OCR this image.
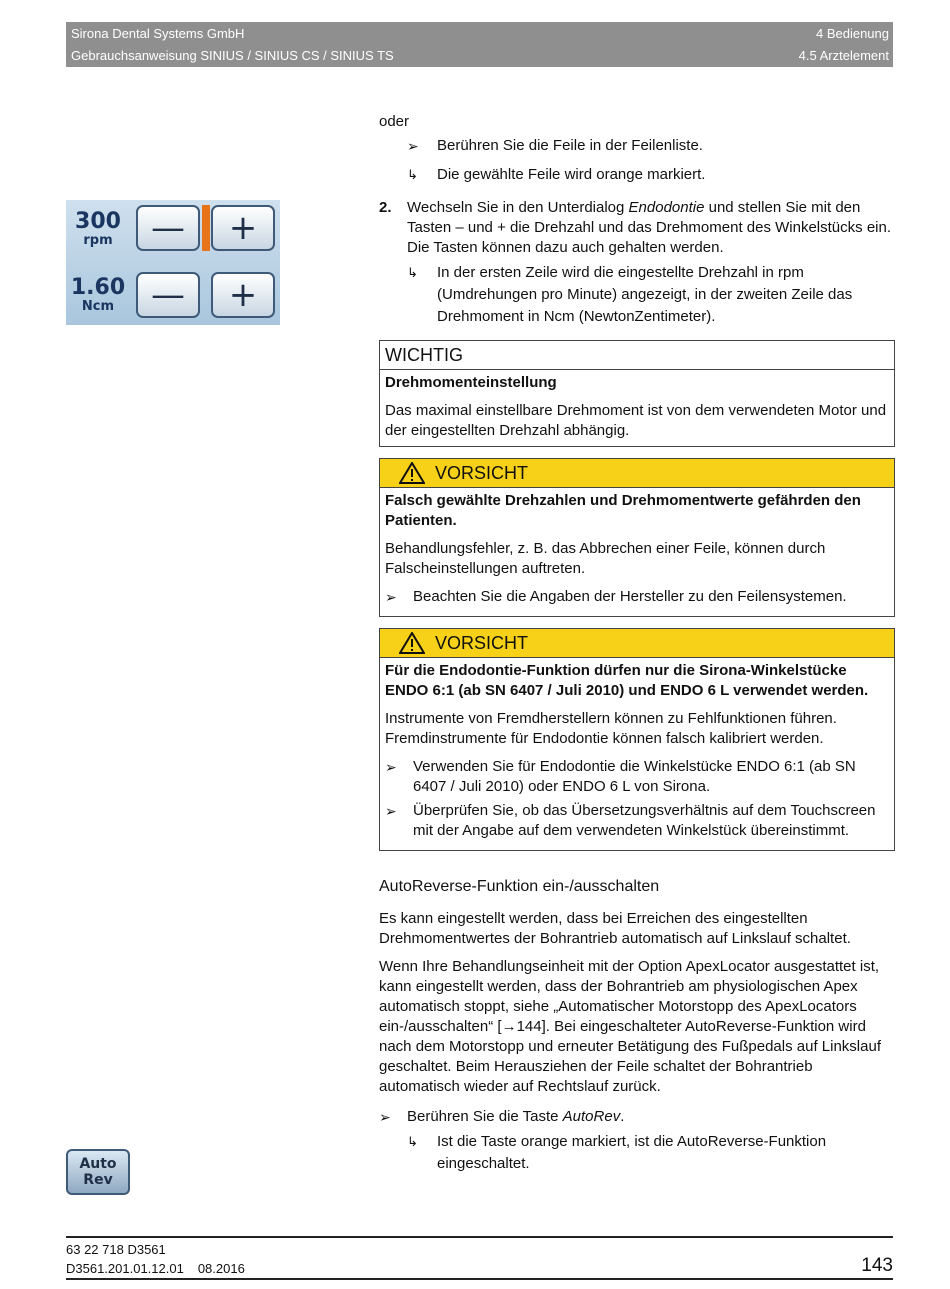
Sirona Dental Systems GmbH
Gebrauchsanweisung SINIUS / SINIUS CS / SINIUS TS
4 Bedienung
4.5 Arztelement
300
rpm	—	+
1.60
Ncm	—	+
Auto
Rev

oder

➢ Berühren Sie die Feile in der Feilenliste.
↳ Die gewählte Feile wird orange markiert.
2. Wechseln Sie in den Unterdialog Endodontie und stellen Sie mit den Tasten – und + die Drehzahl und das Drehmoment des Winkelstücks ein. Die Tasten können dazu auch gehalten werden.
↳ In der ersten Zeile wird die eingestellte Drehzahl in rpm (Umdrehungen pro Minute) angezeigt, in der zweiten Zeile das Drehmoment in Ncm (NewtonZentimeter).
WICHTIG
Drehmomenteinstellung
Das maximal einstellbare Drehmoment ist von dem verwendeten Motor und der eingestellten Drehzahl abhängig.
VORSICHT
Falsch gewählte Drehzahlen und Drehmomentwerte gefährden den Patienten.
Behandlungsfehler, z. B. das Abbrechen einer Feile, können durch Falscheinstellungen auftreten.
➢ Beachten Sie die Angaben der Hersteller zu den Feilensystemen.
VORSICHT
Für die Endodontie-Funktion dürfen nur die Sirona-Winkelstücke ENDO 6:1 (ab SN 6407 / Juli 2010) und ENDO 6 L verwendet werden.
Instrumente von Fremdherstellern können zu Fehlfunktionen führen. Fremdinstrumente für Endodontie können falsch kalibriert werden.
➢ Verwenden Sie für Endodontie die Winkelstücke ENDO 6:1 (ab SN 6407 / Juli 2010) oder ENDO 6 L von Sirona.
➢ Überprüfen Sie, ob das Übersetzungsverhältnis auf dem Touchscreen mit der Angabe auf dem verwendeten Winkelstück übereinstimmt.
AutoReverse-Funktion ein-/ausschalten

Es kann eingestellt werden, dass bei Erreichen des eingestellten Drehmomentwertes der Bohrantrieb automatisch auf Linkslauf schaltet.

Wenn Ihre Behandlungseinheit mit der Option ApexLocator ausgestattet ist, kann eingestellt werden, dass der Bohrantrieb am physiologischen Apex automatisch stoppt, siehe „Automatischer Motorstopp des ApexLocators ein-/ausschalten“ [→144]. Bei eingeschalteter AutoReverse-Funktion wird nach dem Motorstopp und erneuter Betätigung des Fußpedals auf Linkslauf geschaltet. Beim Herausziehen der Feile schaltet der Bohrantrieb automatisch wieder auf Rechtslauf zurück.

➢ Berühren Sie die Taste AutoRev.
↳ Ist die Taste orange markiert, ist die AutoReverse-Funktion eingeschaltet.
63 22 718 D3561
D3561.201.01.12.01 08.2016	143
